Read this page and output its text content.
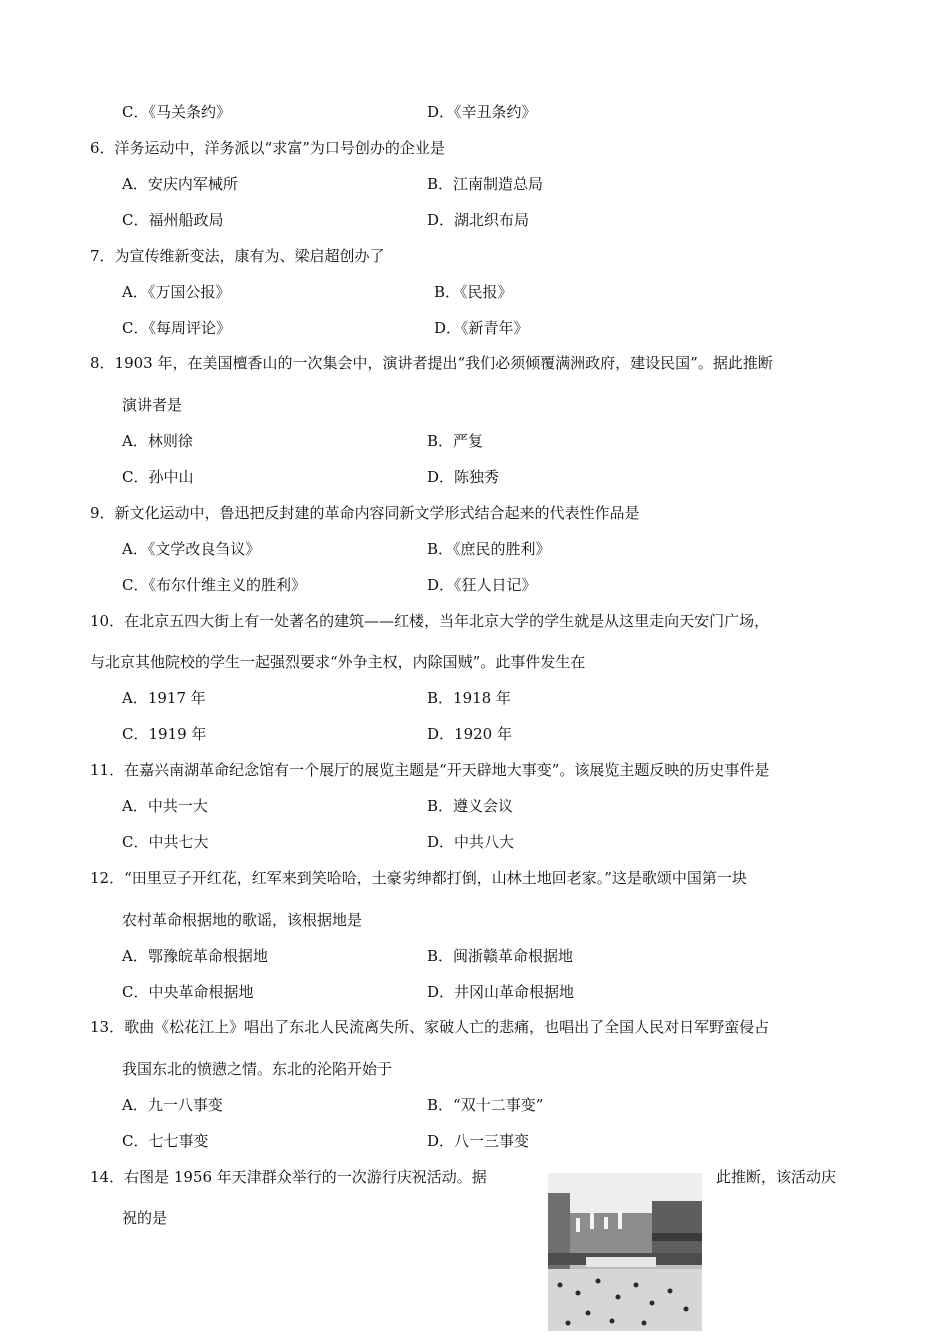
C．《马关条约》	D．《辛丑条约》
6．洋务运动中，洋务派以“求富”为口号创办的企业是
A．安庆内军械所	B．江南制造总局
C．福州船政局	D．湖北织布局
7．为宣传维新变法，康有为、梁启超创办了
A．《万国公报》	B．《民报》
C．《每周评论》	D．《新青年》
8．1903 年，在美国檀香山的一次集会中，演讲者提出“我们必须倾覆满洲政府，建设民国”。据此推断
演讲者是
A．林则徐	B．严复
C．孙中山	D．陈独秀
9．新文化运动中，鲁迅把反封建的革命内容同新文学形式结合起来的代表性作品是
A．《文学改良刍议》	B．《庶民的胜利》
C．《布尔什维主义的胜利》	D．《狂人日记》
10．在北京五四大街上有一处著名的建筑——红楼，当年北京大学的学生就是从这里走向天安门广场，
与北京其他院校的学生一起强烈要求“外争主权，内除国贼”。此事件发生在
A．1917 年	B．1918 年
C．1919 年	D．1920 年
11．在嘉兴南湖革命纪念馆有一个展厅的展览主题是“开天辟地大事变”。该展览主题反映的历史事件是
A．中共一大	B．遵义会议
C．中共七大	D．中共八大
12．“田里豆子开红花，红军来到笑哈哈，土豪劣绅都打倒，山林土地回老家。”这是歌颂中国第一块
农村革命根据地的歌谣，该根据地是
A．鄂豫皖革命根据地	B．闽浙赣革命根据地
C．中央革命根据地	D．井冈山革命根据地
13．歌曲《松花江上》唱出了东北人民流离失所、家破人亡的悲痛，也唱出了全国人民对日军野蛮侵占
我国东北的愤懑之情。东北的沦陷开始于
A．九一八事变	B．“双十二事变”
C．七七事变	D．八一三事变
14．右图是 1956 年天津群众举行的一次游行庆祝活动。据	此推断，该活动庆
祝的是
